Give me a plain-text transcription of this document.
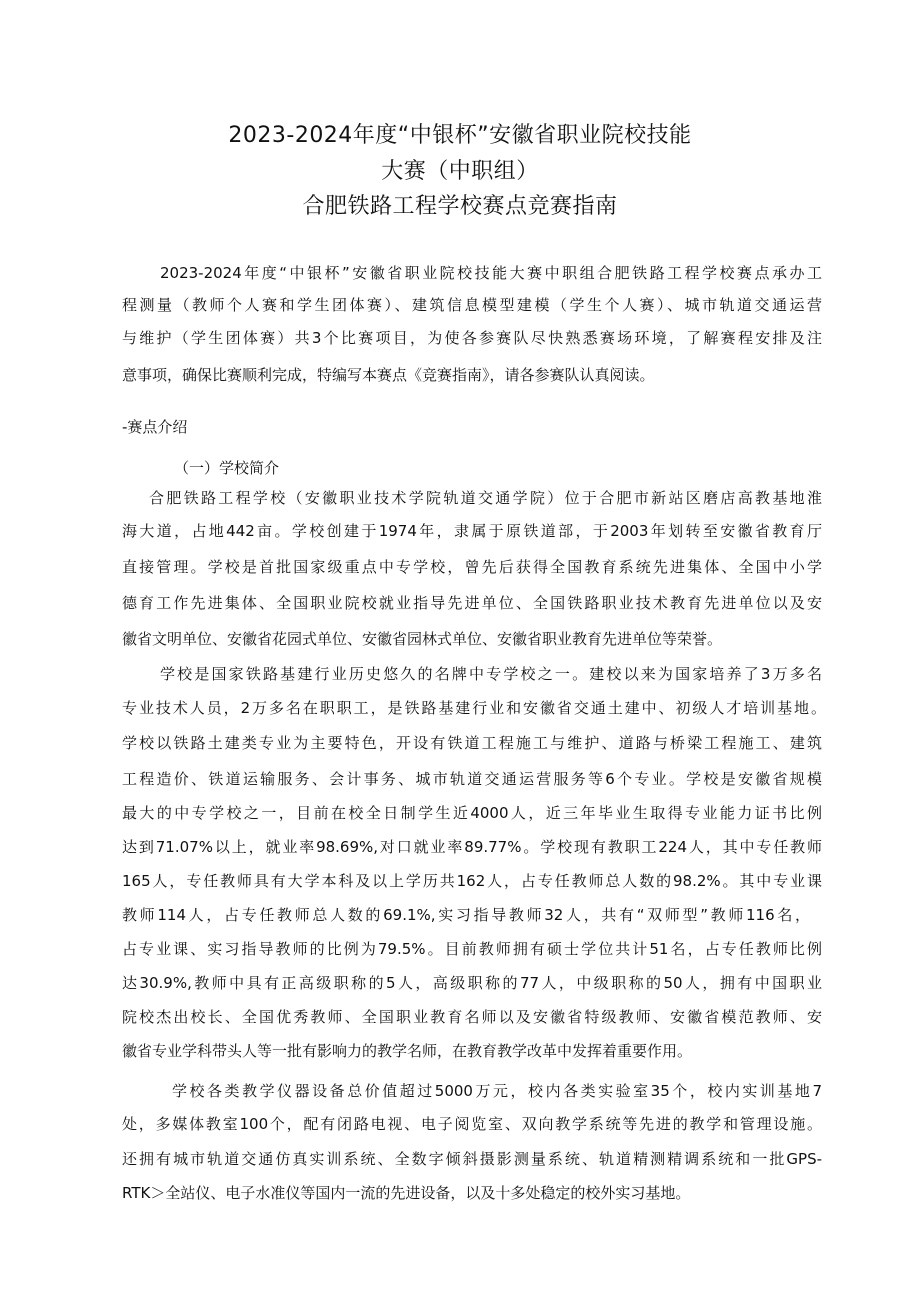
2023-2024年度“中银杯”安徽省职业院校技能
大赛（中职组）
合肥铁路工程学校赛点竞赛指南
2023-2024年度“中银杯”安徽省职业院校技能大赛中职组合肥铁路工程学校赛点承办工
程测量（教师个人赛和学生团体赛）、建筑信息模型建模（学生个人赛）、城市轨道交通运营
与维护（学生团体赛）共3个比赛项目，为使各参赛队尽快熟悉赛场环境，了解赛程安排及注
意事项，确保比赛顺利完成，特编写本赛点《竞赛指南》，请各参赛队认真阅读。
-赛点介绍
（一）学校简介
合肥铁路工程学校（安徽职业技术学院轨道交通学院）位于合肥市新站区磨店高教基地淮
海大道，占地442亩。学校创建于1974年，隶属于原铁道部，于2003年划转至安徽省教育厅
直接管理。学校是首批国家级重点中专学校，曾先后获得全国教育系统先进集体、全国中小学
德育工作先进集体、全国职业院校就业指导先进单位、全国铁路职业技术教育先进单位以及安
徽省文明单位、安徽省花园式单位、安徽省园林式单位、安徽省职业教育先进单位等荣誉。
学校是国家铁路基建行业历史悠久的名牌中专学校之一。建校以来为国家培养了3万多名
专业技术人员，2万多名在职职工，是铁路基建行业和安徽省交通土建中、初级人才培训基地。
学校以铁路土建类专业为主要特色，开设有铁道工程施工与维护、道路与桥梁工程施工、建筑
工程造价、铁道运输服务、会计事务、城市轨道交通运营服务等6个专业。学校是安徽省规模
最大的中专学校之一，目前在校全日制学生近4000人，近三年毕业生取得专业能力证书比例
达到71.07%以上，就业率98.69%,对口就业率89.77%。学校现有教职工224人，其中专任教师
165人，专任教师具有大学本科及以上学历共162人，占专任教师总人数的98.2%。其中专业课
教师114人，占专任教师总人数的69.1%,实习指导教师32人，共有“双师型”教师116名，
占专业课、实习指导教师的比例为79.5%。目前教师拥有硕士学位共计51名，占专任教师比例
达30.9%,教师中具有正高级职称的5人，高级职称的77人，中级职称的50人，拥有中国职业
院校杰出校长、全国优秀教师、全国职业教育名师以及安徽省特级教师、安徽省模范教师、安
徽省专业学科带头人等一批有影响力的教学名师，在教育教学改革中发挥着重要作用。
学校各类教学仪器设备总价值超过5000万元，校内各类实验室35个，校内实训基地7
处，多媒体教室100个，配有闭路电视、电子阅览室、双向教学系统等先进的教学和管理设施。
还拥有城市轨道交通仿真实训系统、全数字倾斜摄影测量系统、轨道精测精调系统和一批GPS-
RTK＞全站仪、电子水准仪等国内一流的先进设备，以及十多处稳定的校外实习基地。
